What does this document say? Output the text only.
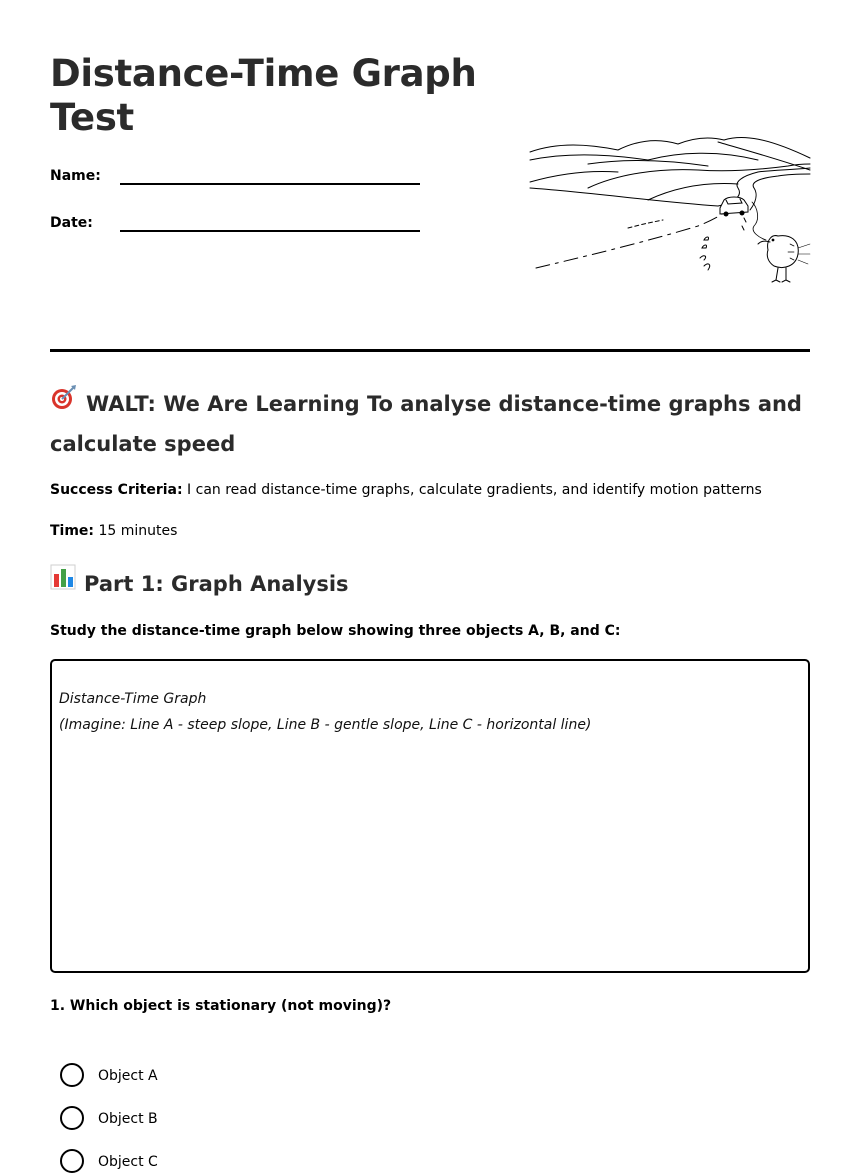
Distance-Time Graph Test
Name:
Date:
WALT: We Are Learning To analyse distance-time graphs and calculate speed
Success Criteria: I can read distance-time graphs, calculate gradients, and identify motion patterns
Time: 15 minutes
Part 1: Graph Analysis
Study the distance-time graph below showing three objects A, B, and C:
Distance-Time Graph
(Imagine: Line A - steep slope, Line B - gentle slope, Line C - horizontal line)
1. Which object is stationary (not moving)?
Object A
Object B
Object C
